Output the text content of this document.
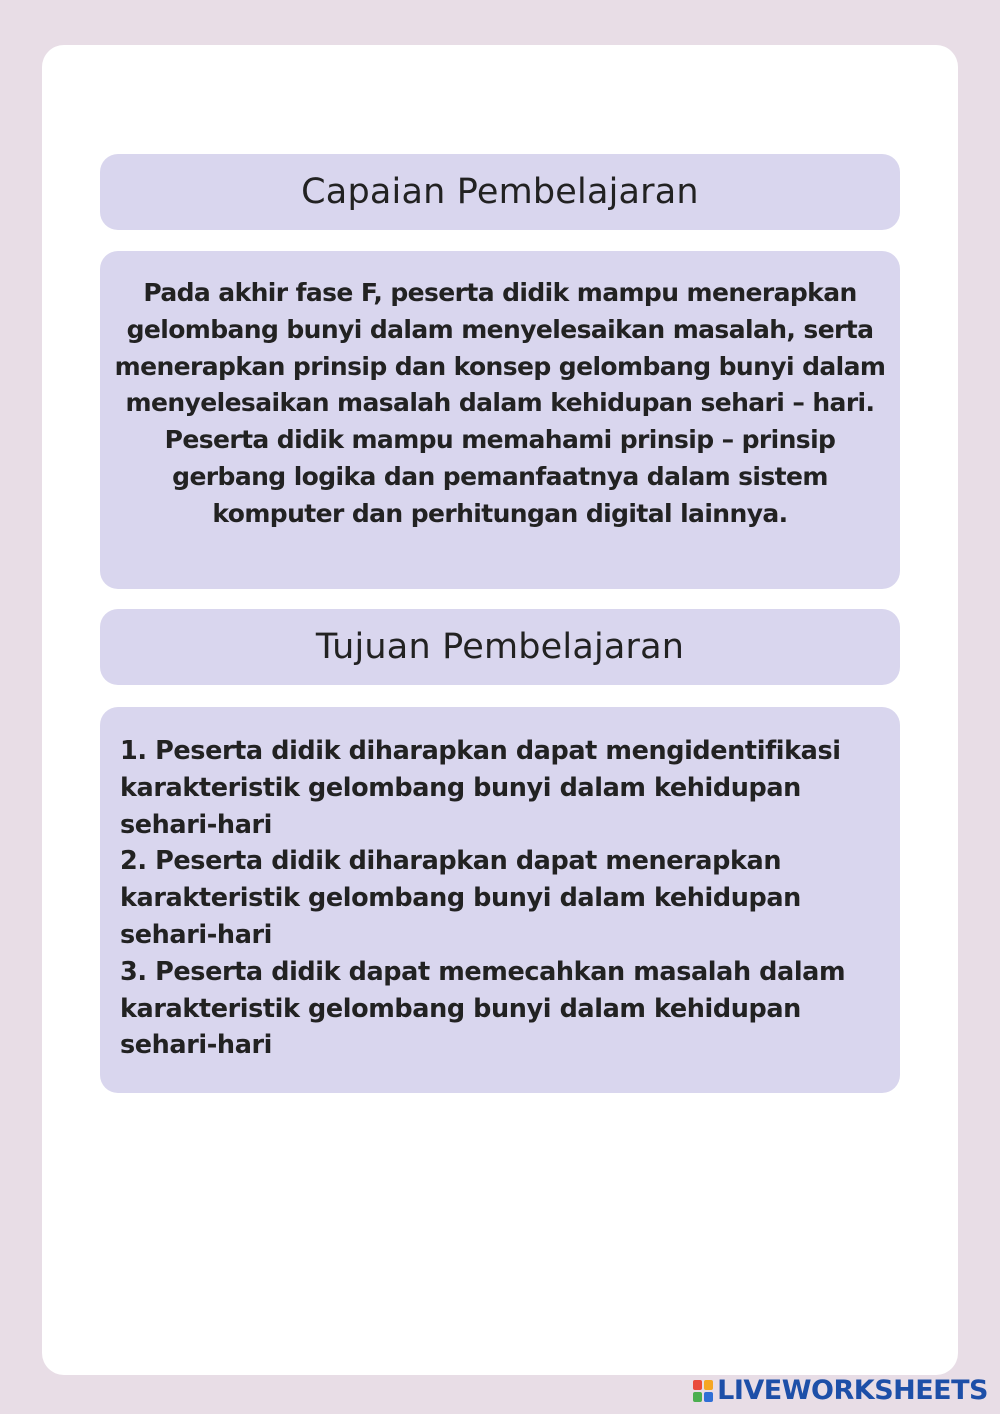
Capaian Pembelajaran

Pada akhir fase F, peserta didik mampu menerapkan gelombang bunyi dalam menyelesaikan masalah, serta menerapkan prinsip dan konsep gelombang bunyi dalam menyelesaikan masalah dalam kehidupan sehari – hari. Peserta didik mampu memahami prinsip – prinsip gerbang logika dan pemanfaatnya dalam sistem komputer dan perhitungan digital lainnya.

Tujuan Pembelajaran

1. Peserta didik diharapkan dapat mengidentifikasi karakteristik gelombang bunyi dalam kehidupan sehari-hari

2. Peserta didik diharapkan dapat menerapkan karakteristik gelombang bunyi dalam kehidupan sehari-hari

3. Peserta didik dapat memecahkan masalah dalam karakteristik gelombang bunyi dalam kehidupan sehari-hari

LIVEWORKSHEETS
